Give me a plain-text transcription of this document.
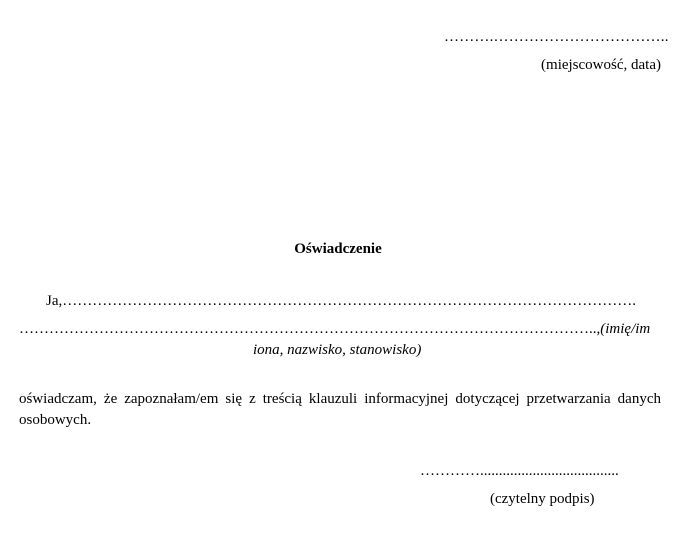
……….……………………………..
(miejscowość, data)
Oświadczenie
Ja,…………………………………………………………………………………………………….
……………………………………………………………………………………………………..,(imię/im
iona, nazwisko, stanowisko)
oświadczam, że zapoznałam/em się z treścią klauzuli informacyjnej dotyczącej przetwarzania danych osobowych.
………….....................................
(czytelny podpis)
